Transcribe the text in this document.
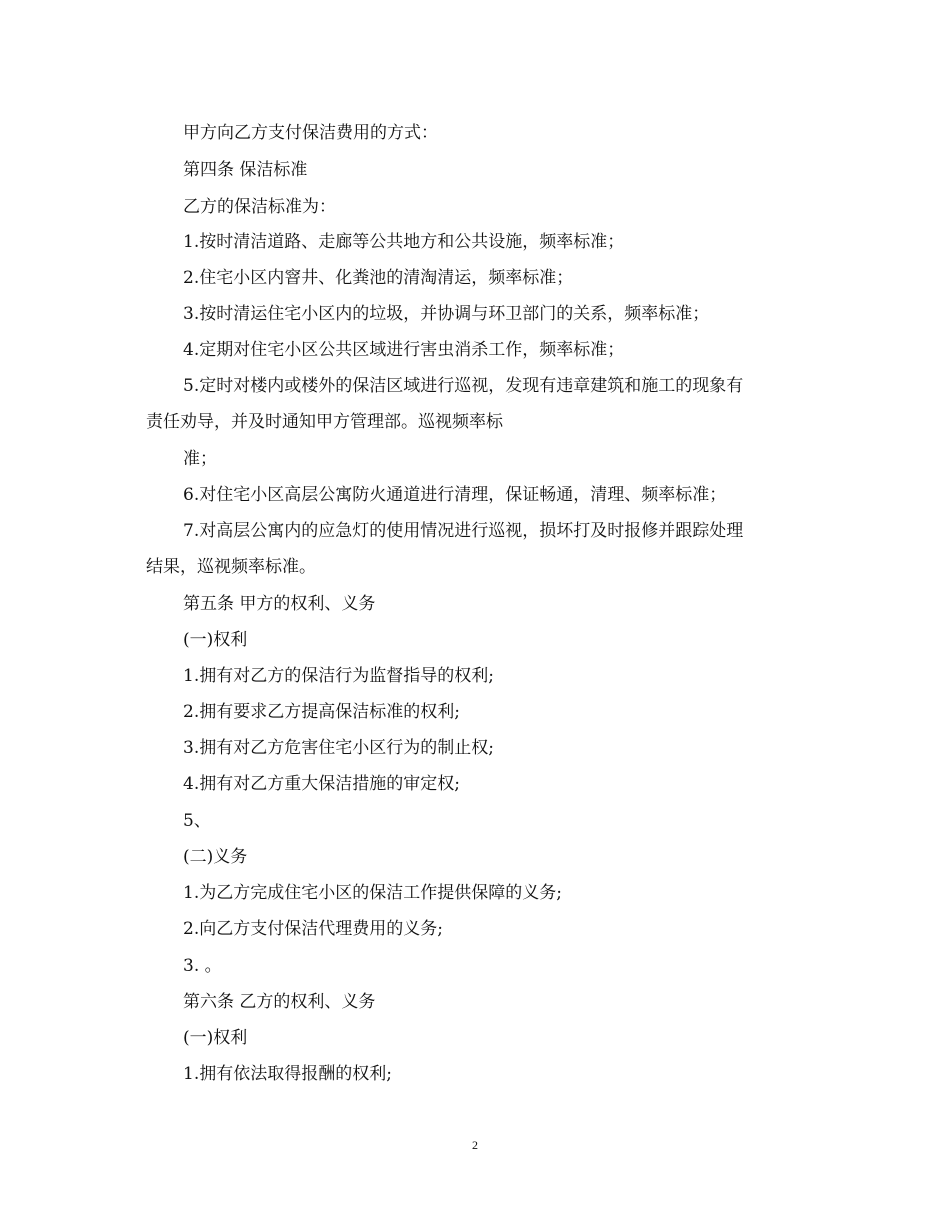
甲方向乙方支付保洁费用的方式：
第四条 保洁标准
乙方的保洁标准为：
1.按时清洁道路、走廊等公共地方和公共设施，频率标准；
2.住宅小区内窨井、化粪池的清淘清运，频率标准；
3.按时清运住宅小区内的垃圾，并协调与环卫部门的关系，频率标准；
4.定期对住宅小区公共区域进行害虫消杀工作，频率标准；
5.定时对楼内或楼外的保洁区域进行巡视，发现有违章建筑和施工的现象有
责任劝导，并及时通知甲方管理部。巡视频率标
准；
6.对住宅小区高层公寓防火通道进行清理，保证畅通，清理、频率标准；
7.对高层公寓内的应急灯的使用情况进行巡视，损坏打及时报修并跟踪处理
结果，巡视频率标准。
第五条 甲方的权利、义务
(一)权利
1.拥有对乙方的保洁行为监督指导的权利;
2.拥有要求乙方提高保洁标准的权利;
3.拥有对乙方危害住宅小区行为的制止权;
4.拥有对乙方重大保洁措施的审定权;
5、
(二)义务
1.为乙方完成住宅小区的保洁工作提供保障的义务;
2.向乙方支付保洁代理费用的义务;
3. 。
第六条 乙方的权利、义务
(一)权利
1.拥有依法取得报酬的权利;
2
